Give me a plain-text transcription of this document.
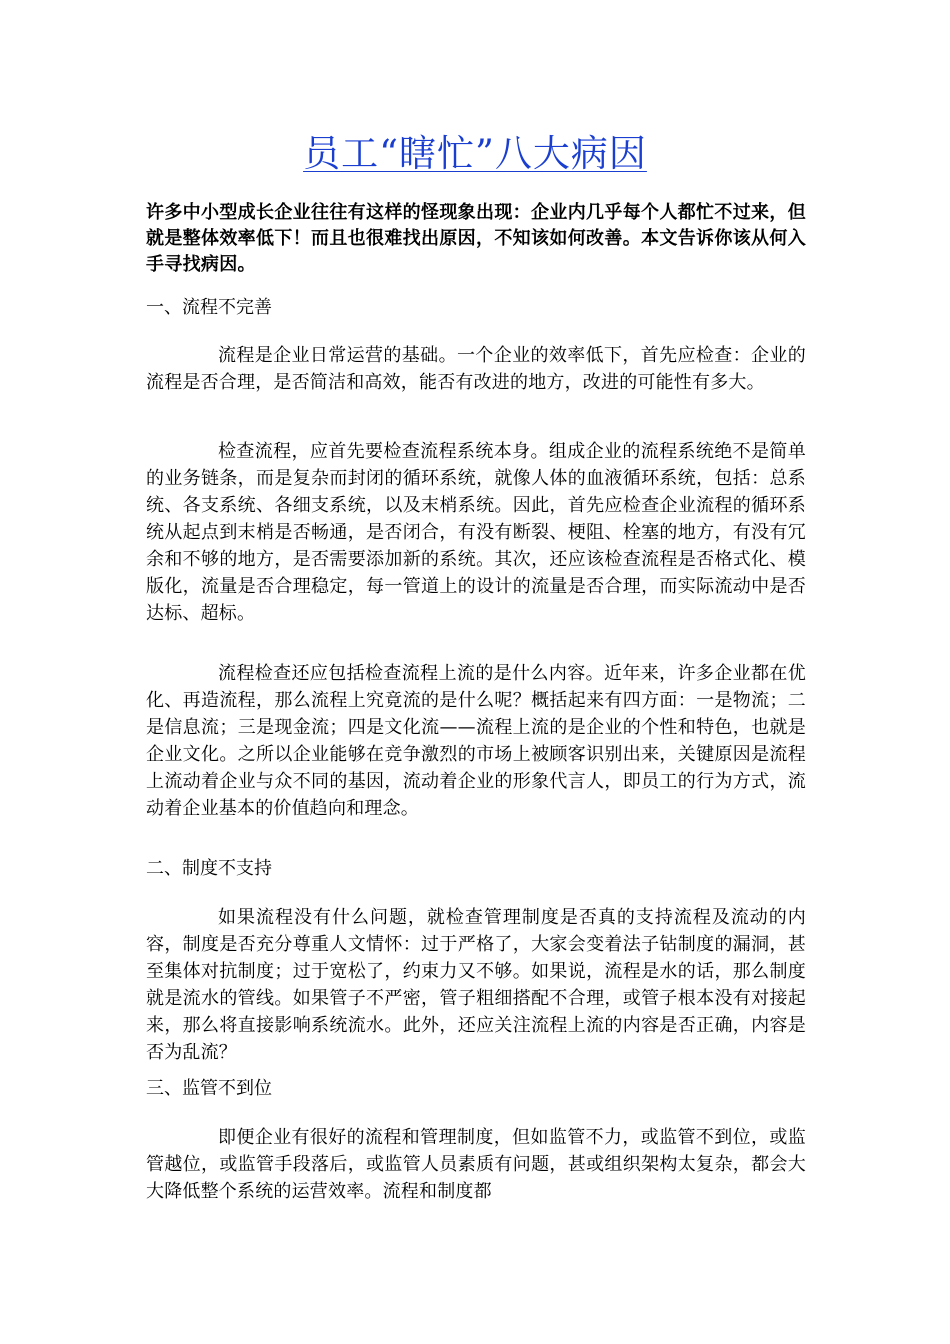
员工“瞎忙”八大病因
许多中小型成长企业往往有这样的怪现象出现：企业内几乎每个人都忙不过来，但就是整体效率低下！而且也很难找出原因，不知该如何改善。本文告诉你该从何入手寻找病因。
一、流程不完善
流程是企业日常运营的基础。一个企业的效率低下，首先应检查：企业的流程是否合理，是否简洁和高效，能否有改进的地方，改进的可能性有多大。
检查流程，应首先要检查流程系统本身。组成企业的流程系统绝不是简单的业务链条，而是复杂而封闭的循环系统，就像人体的血液循环系统，包括：总系统、各支系统、各细支系统，以及末梢系统。因此，首先应检查企业流程的循环系统从起点到末梢是否畅通，是否闭合，有没有断裂、梗阻、栓塞的地方，有没有冗余和不够的地方，是否需要添加新的系统。其次，还应该检查流程是否格式化、模版化，流量是否合理稳定，每一管道上的设计的流量是否合理，而实际流动中是否达标、超标。
流程检查还应包括检查流程上流的是什么内容。近年来，许多企业都在优化、再造流程，那么流程上究竟流的是什么呢？概括起来有四方面：一是物流；二是信息流；三是现金流；四是文化流——流程上流的是企业的个性和特色，也就是企业文化。之所以企业能够在竞争激烈的市场上被顾客识别出来，关键原因是流程上流动着企业与众不同的基因，流动着企业的形象代言人，即员工的行为方式，流动着企业基本的价值趋向和理念。
二、制度不支持
如果流程没有什么问题，就检查管理制度是否真的支持流程及流动的内容，制度是否充分尊重人文情怀：过于严格了，大家会变着法子钻制度的漏洞，甚至集体对抗制度；过于宽松了，约束力又不够。如果说，流程是水的话，那么制度就是流水的管线。如果管子不严密，管子粗细搭配不合理，或管子根本没有对接起来，那么将直接影响系统流水。此外，还应关注流程上流的内容是否正确，内容是否为乱流？
三、监管不到位
即便企业有很好的流程和管理制度，但如监管不力，或监管不到位，或监管越位，或监管手段落后，或监管人员素质有问题，甚或组织架构太复杂，都会大大降低整个系统的运营效率。流程和制度都
